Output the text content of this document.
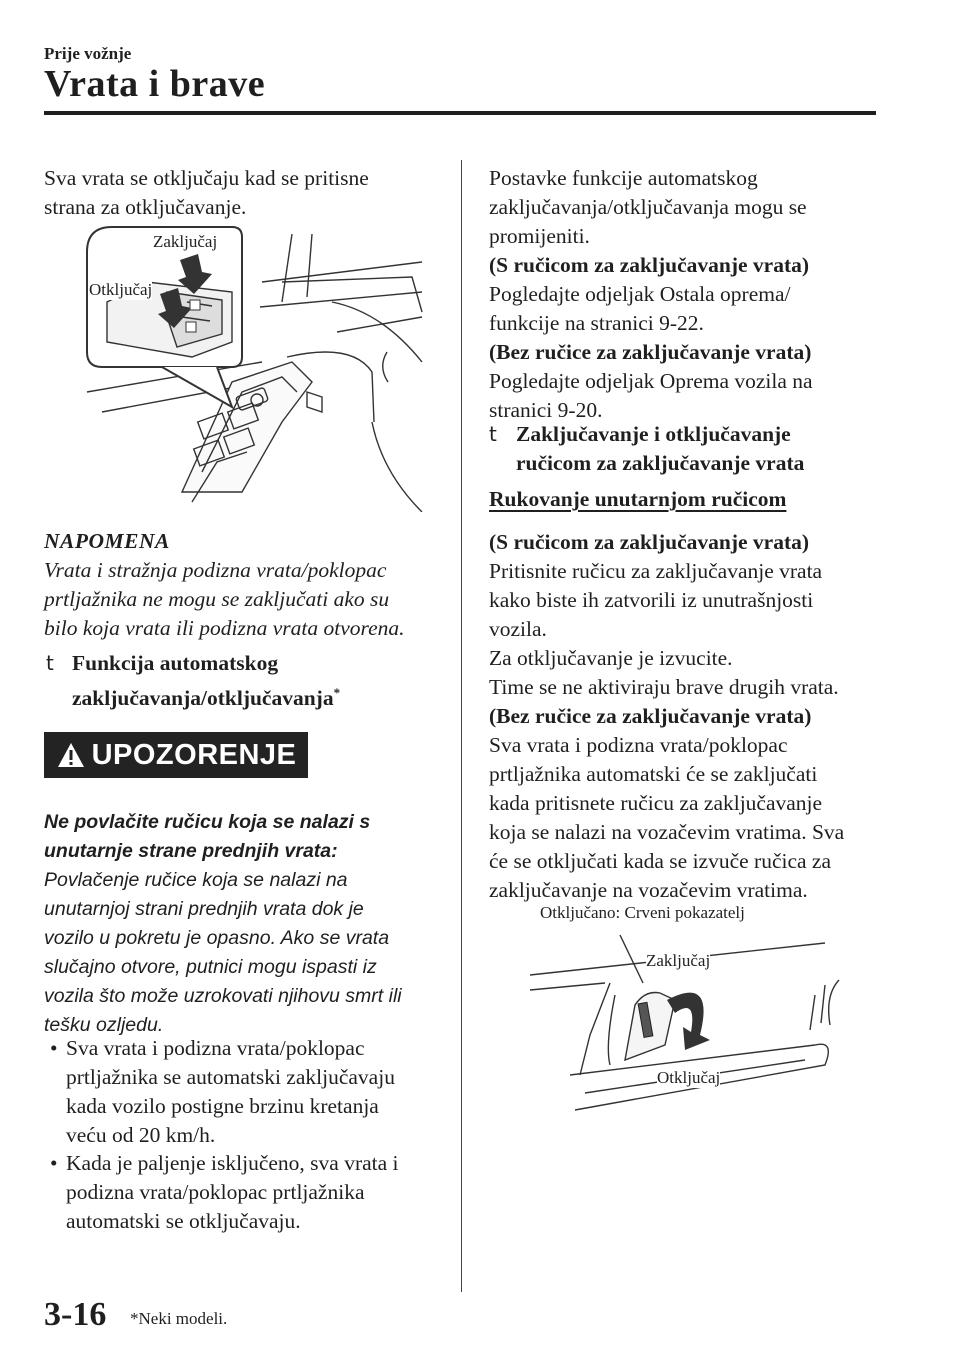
Prije vožnje
Vrata i brave
Sva vrata se otključaju kad se pritisne
strana za otključavanje.
Zaključaj
Otključaj
NAPOMENA
Vrata i stražnja podizna vrata/poklopac
prtljažnika ne mogu se zaključati ako su
bilo koja vrata ili podizna vrata otvorena.
t Funkcija automatskog
zaključavanja/otključavanja*
UPOZORENJE
Ne povlačite ručicu koja se nalazi s
unutarnje strane prednjih vrata:
Povlačenje ručice koja se nalazi na
unutarnjoj strani prednjih vrata dok je
vozilo u pokretu je opasno. Ako se vrata
slučajno otvore, putnici mogu ispasti iz
vozila što može uzrokovati njihovu smrt ili
tešku ozljedu.
• Sva vrata i podizna vrata/poklopac
prtljažnika se automatski zaključavaju
kada vozilo postigne brzinu kretanja
veću od 20 km/h.
• Kada je paljenje isključeno, sva vrata i
podizna vrata/poklopac prtljažnika
automatski se otključavaju.
Postavke funkcije automatskog
zaključavanja/otključavanja mogu se
promijeniti.
(S ručicom za zaključavanje vrata)
Pogledajte odjeljak Ostala oprema/
funkcije na stranici 9-22.
(Bez ručice za zaključavanje vrata)
Pogledajte odjeljak Oprema vozila na
stranici 9-20.
t Zaključavanje i otključavanje
ručicom za zaključavanje vrata
Rukovanje unutarnjom ručicom
(S ručicom za zaključavanje vrata)
Pritisnite ručicu za zaključavanje vrata
kako biste ih zatvorili iz unutrašnjosti
vozila.
Za otključavanje je izvucite.
Time se ne aktiviraju brave drugih vrata.
(Bez ručice za zaključavanje vrata)
Sva vrata i podizna vrata/poklopac
prtljažnika automatski će se zaključati
kada pritisnete ručicu za zaključavanje
koja se nalazi na vozačevim vratima. Sva
će se otključati kada se izvuče ručica za
zaključavanje na vozačevim vratima.
Otključano: Crveni pokazatelj
Zaključaj
Otključaj
3-16 *Neki modeli.
